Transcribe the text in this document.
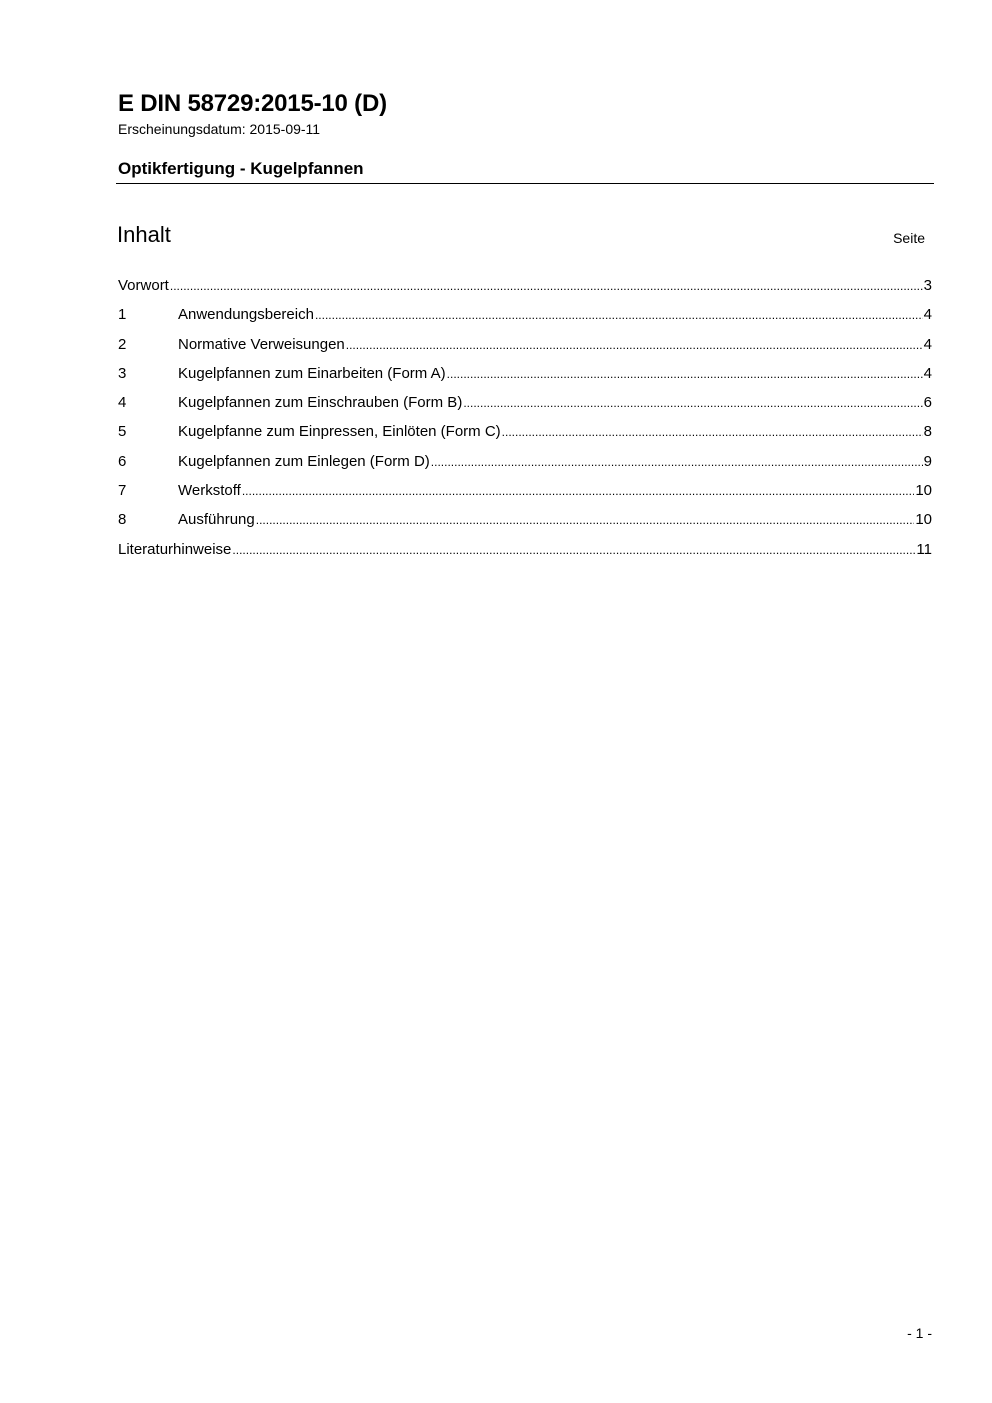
E DIN 58729:2015-10 (D)
Erscheinungsdatum: 2015-09-11
Optikfertigung - Kugelpfannen
Inhalt	Seite
Vorwort .....	3
1	Anwendungsbereich .....	4
2	Normative Verweisungen .....	4
3	Kugelpfannen zum Einarbeiten (Form A) .....	4
4	Kugelpfannen zum Einschrauben (Form B) .....	6
5	Kugelpfanne zum Einpressen, Einlöten (Form C) .....	8
6	Kugelpfannen zum Einlegen (Form D) .....	9
7	Werkstoff .....	10
8	Ausführung .....	10
Literaturhinweise .....	11
- 1 -
